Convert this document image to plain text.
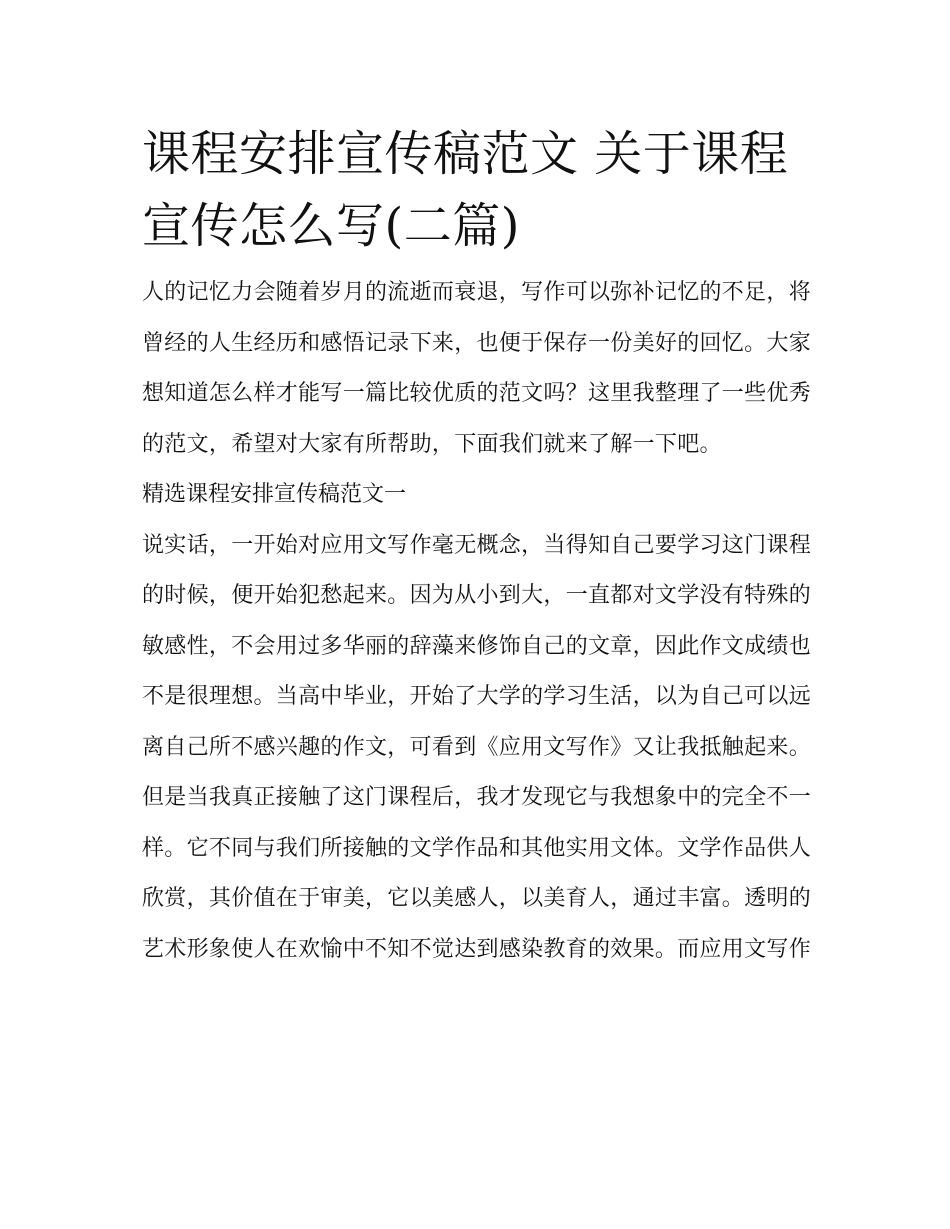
课程安排宣传稿范文 关于课程宣传怎么写(二篇)

人的记忆力会随着岁月的流逝而衰退，写作可以弥补记忆的不足，将曾经的人生经历和感悟记录下来，也便于保存一份美好的回忆。大家想知道怎么样才能写一篇比较优质的范文吗？这里我整理了一些优秀的范文，希望对大家有所帮助，下面我们就来了解一下吧。

精选课程安排宣传稿范文一

说实话，一开始对应用文写作毫无概念，当得知自己要学习这门课程的时候，便开始犯愁起来。因为从小到大，一直都对文学没有特殊的敏感性，不会用过多华丽的辞藻来修饰自己的文章，因此作文成绩也不是很理想。当高中毕业，开始了大学的学习生活，以为自己可以远离自己所不感兴趣的作文，可看到《应用文写作》又让我抵触起来。但是当我真正接触了这门课程后，我才发现它与我想象中的完全不一样。它不同与我们所接触的文学作品和其他实用文体。文学作品供人欣赏，其价值在于审美，它以美感人，以美育人，通过丰富。透明的艺术形象使人在欢愉中不知不觉达到感染教育的效果。而应用文写作
